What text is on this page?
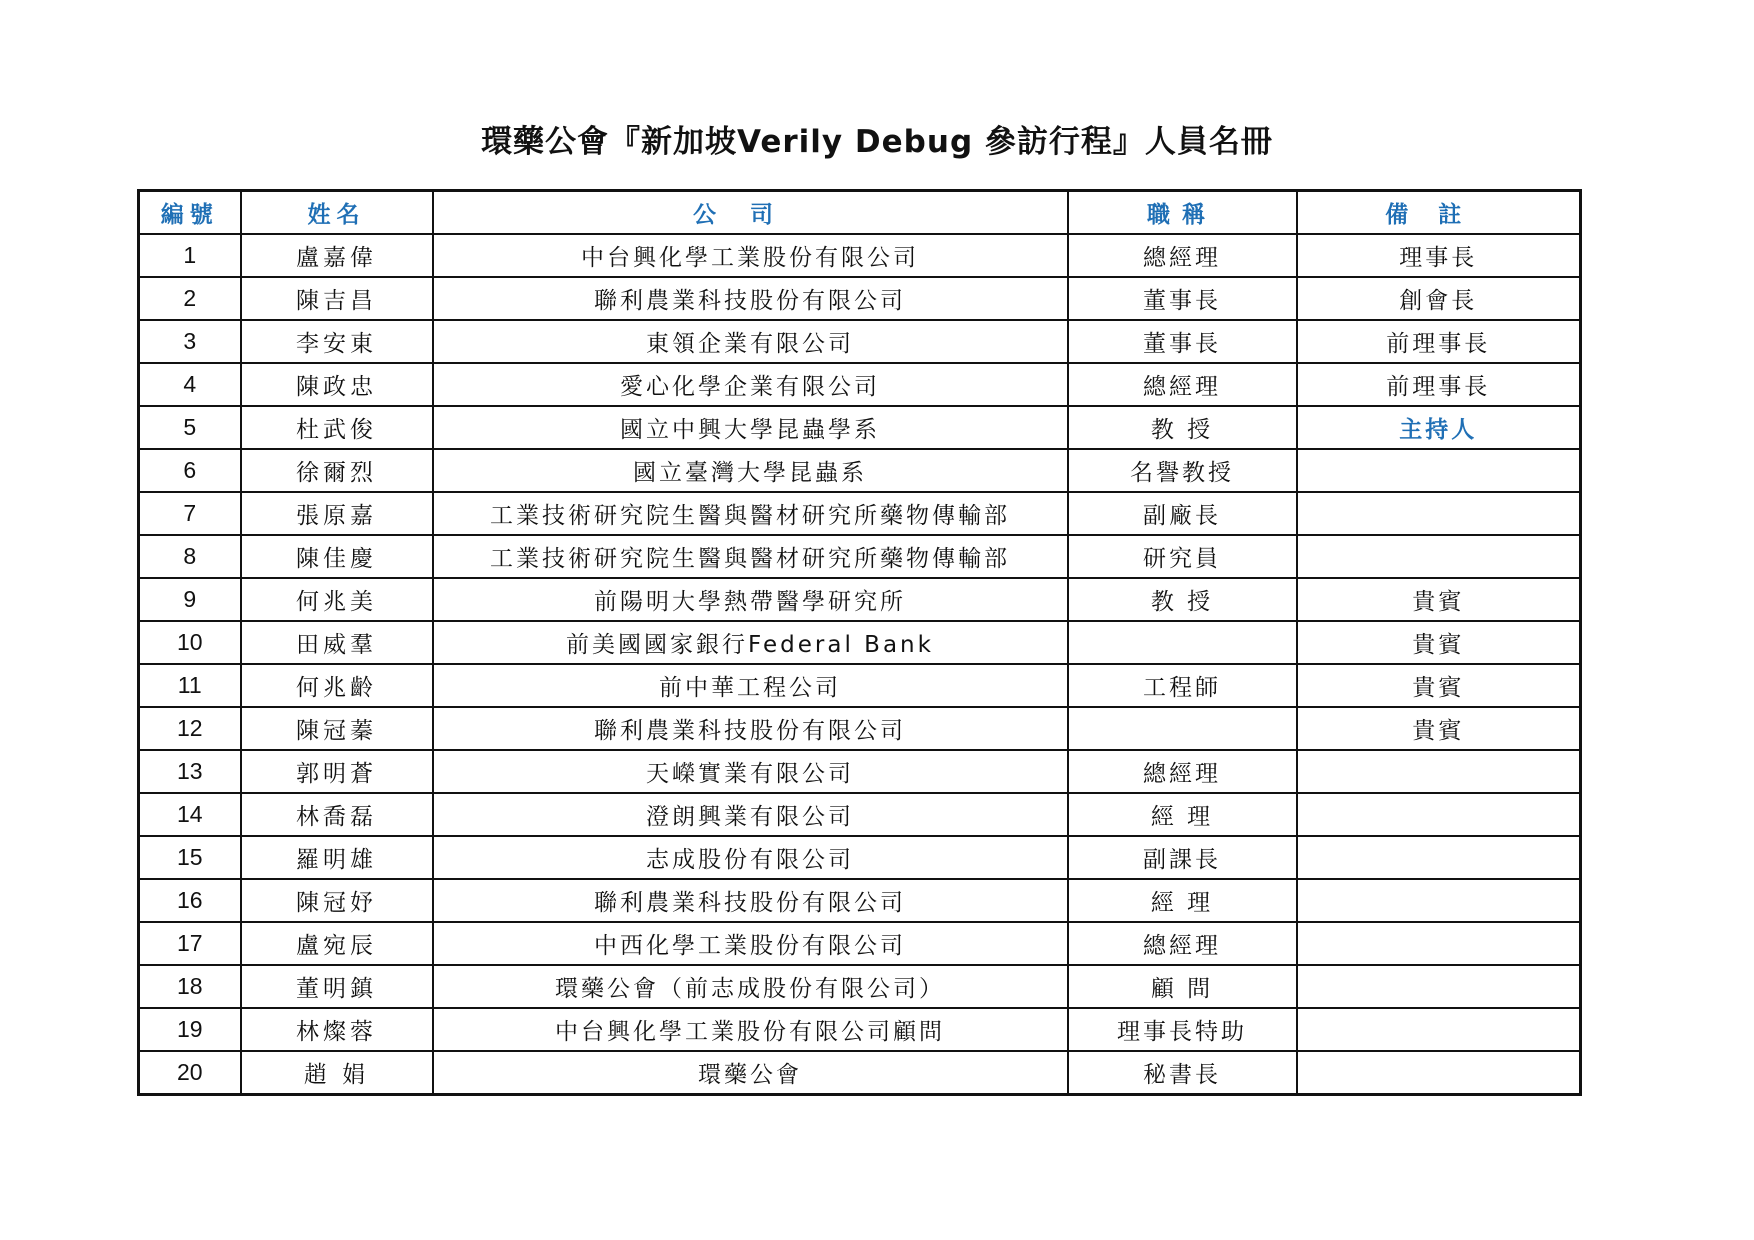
環藥公會『新加坡Verily Debug 參訪行程』人員名冊
編號	姓名	公司	職稱	備註
1	盧嘉偉	中台興化學工業股份有限公司	總經理	理事長
2	陳吉昌	聯利農業科技股份有限公司	董事長	創會長
3	李安東	東領企業有限公司	董事長	前理事長
4	陳政忠	愛心化學企業有限公司	總經理	前理事長
5	杜武俊	國立中興大學昆蟲學系	教 授	主持人
6	徐爾烈	國立臺灣大學昆蟲系	名譽教授	
7	張原嘉	工業技術研究院生醫與醫材研究所藥物傳輸部	副廠長	
8	陳佳慶	工業技術研究院生醫與醫材研究所藥物傳輸部	研究員	
9	何兆美	前陽明大學熱帶醫學研究所	教 授	貴賓
10	田威羣	前美國國家銀行Federal Bank		貴賓
11	何兆齡	前中華工程公司	工程師	貴賓
12	陳冠蓁	聯利農業科技股份有限公司		貴賓
13	郭明蒼	天嶸實業有限公司	總經理	
14	林喬磊	澄朗興業有限公司	經 理	
15	羅明雄	志成股份有限公司	副課長	
16	陳冠妤	聯利農業科技股份有限公司	經 理	
17	盧宛辰	中西化學工業股份有限公司	總經理	
18	董明鎮	環藥公會（前志成股份有限公司）	顧 問	
19	林燦蓉	中台興化學工業股份有限公司顧問	理事長特助	
20	趙 娟	環藥公會	秘書長	
